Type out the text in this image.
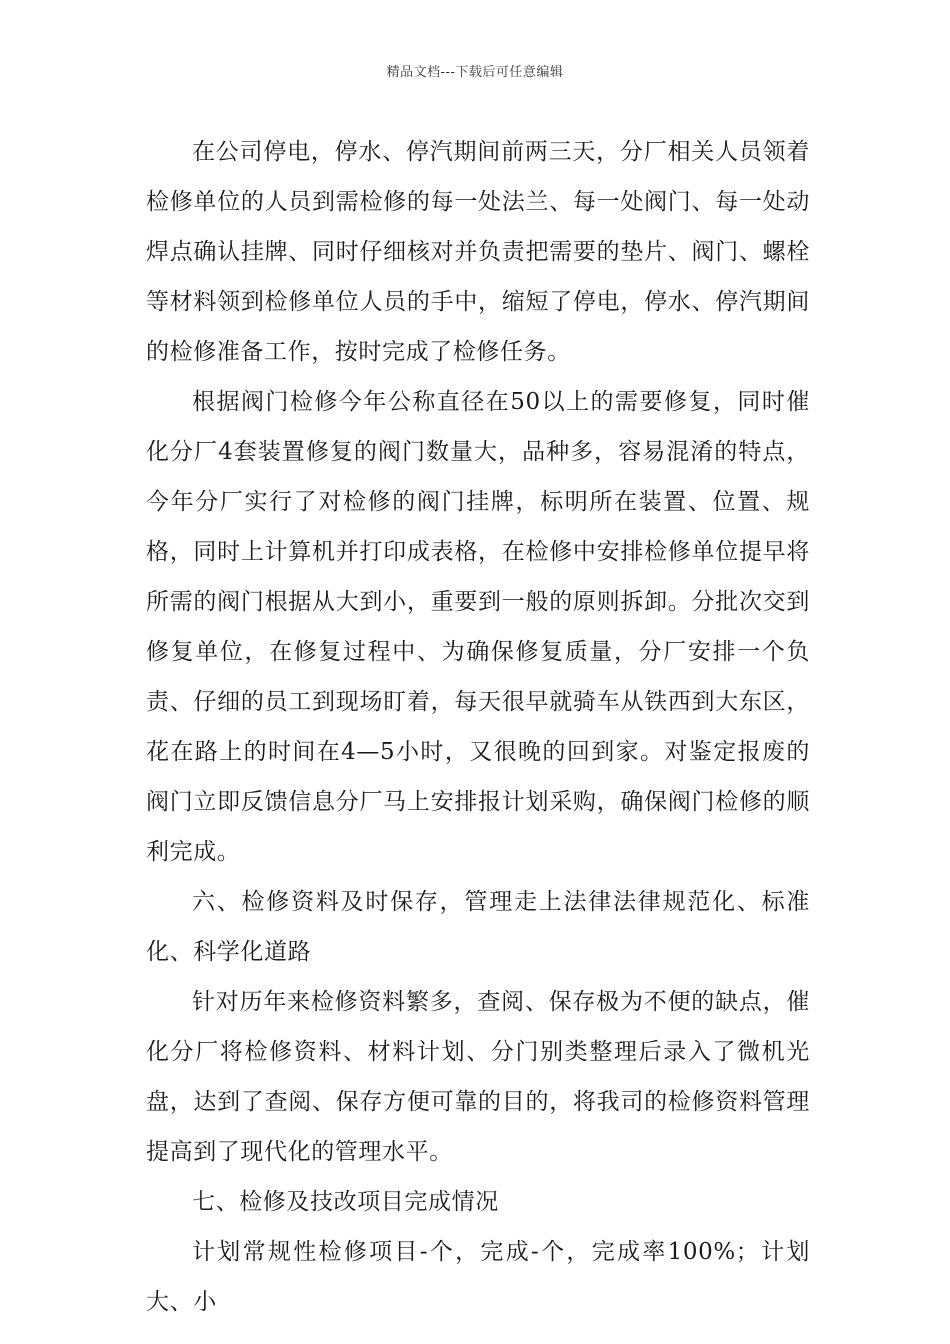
精品文档---下载后可任意编辑

在公司停电，停水、停汽期间前两三天，分厂相关人员领着检修单位的人员到需检修的每一处法兰、每一处阀门、每一处动焊点确认挂牌、同时仔细核对并负责把需要的垫片、阀门、螺栓等材料领到检修单位人员的手中，缩短了停电，停水、停汽期间的检修准备工作，按时完成了检修任务。

根据阀门检修今年公称直径在50以上的需要修复，同时催化分厂4套装置修复的阀门数量大，品种多，容易混淆的特点，今年分厂实行了对检修的阀门挂牌，标明所在装置、位置、规格，同时上计算机并打印成表格，在检修中安排检修单位提早将所需的阀门根据从大到小，重要到一般的原则拆卸。分批次交到修复单位，在修复过程中、为确保修复质量，分厂安排一个负责、仔细的员工到现场盯着，每天很早就骑车从铁西到大东区，花在路上的时间在4—5小时，又很晚的回到家。对鉴定报废的阀门立即反馈信息分厂马上安排报计划采购，确保阀门检修的顺利完成。

六、检修资料及时保存，管理走上法律法律规范化、标准化、科学化道路

针对历年来检修资料繁多，查阅、保存极为不便的缺点，催化分厂将检修资料、材料计划、分门别类整理后录入了微机光盘，达到了查阅、保存方便可靠的目的，将我司的检修资料管理提高到了现代化的管理水平。

七、检修及技改项目完成情况

计划常规性检修项目-个，完成-个，完成率100%；计划大、小
